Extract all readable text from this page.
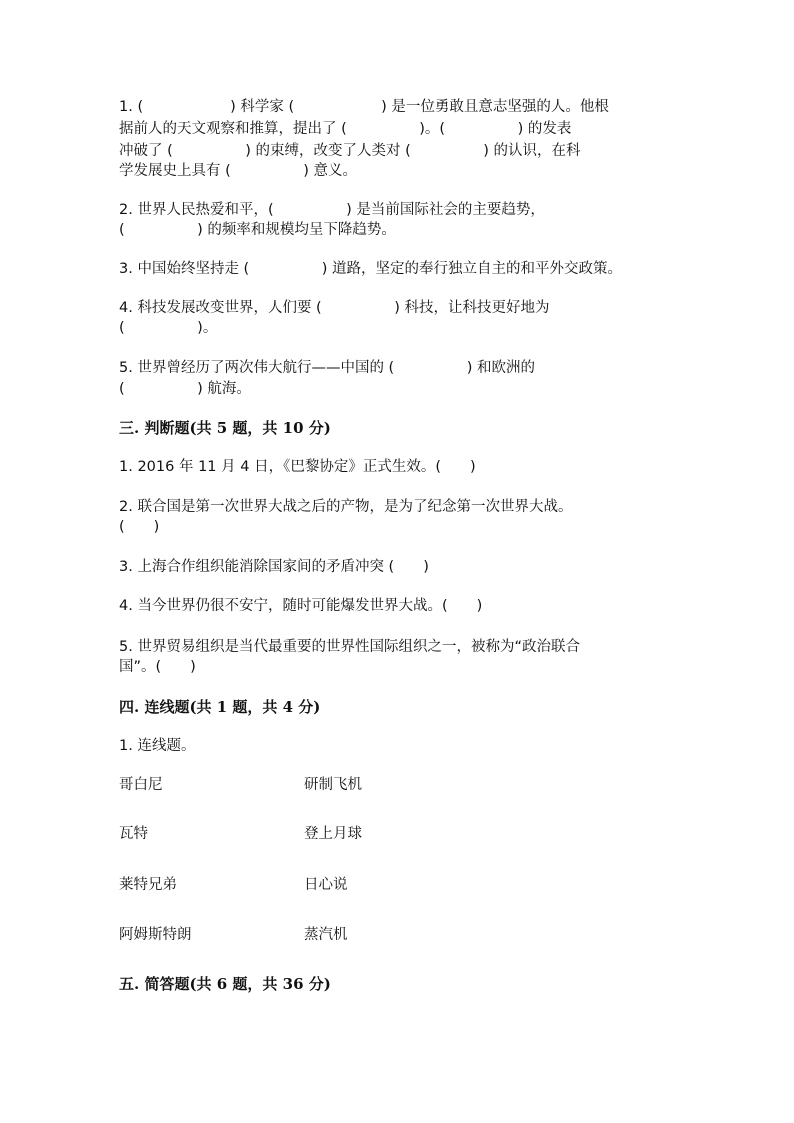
1. (　　　　　　) 科学家 (　　　　　　) 是一位勇敢且意志坚强的人。他根
据前人的天文观察和推算，提出了 (　　　　　)。(　　　　　) 的发表
冲破了 (　　　　　) 的束缚，改变了人类对 (　　　　　) 的认识，在科
学发展史上具有 (　　　　　) 意义。
2. 世界人民热爱和平，(　　　　　) 是当前国际社会的主要趋势，
(　　　　　) 的频率和规模均呈下降趋势。
3. 中国始终坚持走 (　　　　　) 道路，坚定的奉行独立自主的和平外交政策。
4. 科技发展改变世界，人们要 (　　　　　) 科技，让科技更好地为
(　　　　　)。
5. 世界曾经历了两次伟大航行——中国的 (　　　　　) 和欧洲的
(　　　　　) 航海。
三. 判断题(共 5 题，共 10 分)
1. 2016 年 11 月 4 日，《巴黎协定》正式生效。(　　)
2. 联合国是第一次世界大战之后的产物，是为了纪念第一次世界大战。
(　　)
3. 上海合作组织能消除国家间的矛盾冲突 (　　)
4. 当今世界仍很不安宁，随时可能爆发世界大战。(　　)
5. 世界贸易组织是当代最重要的世界性国际组织之一，被称为“政治联合
国”。(　　)
四. 连线题(共 1 题，共 4 分)
1. 连线题。
哥白尼	研制飞机
瓦特	登上月球
莱特兄弟	日心说
阿姆斯特朗	蒸汽机
五. 简答题(共 6 题，共 36 分)
